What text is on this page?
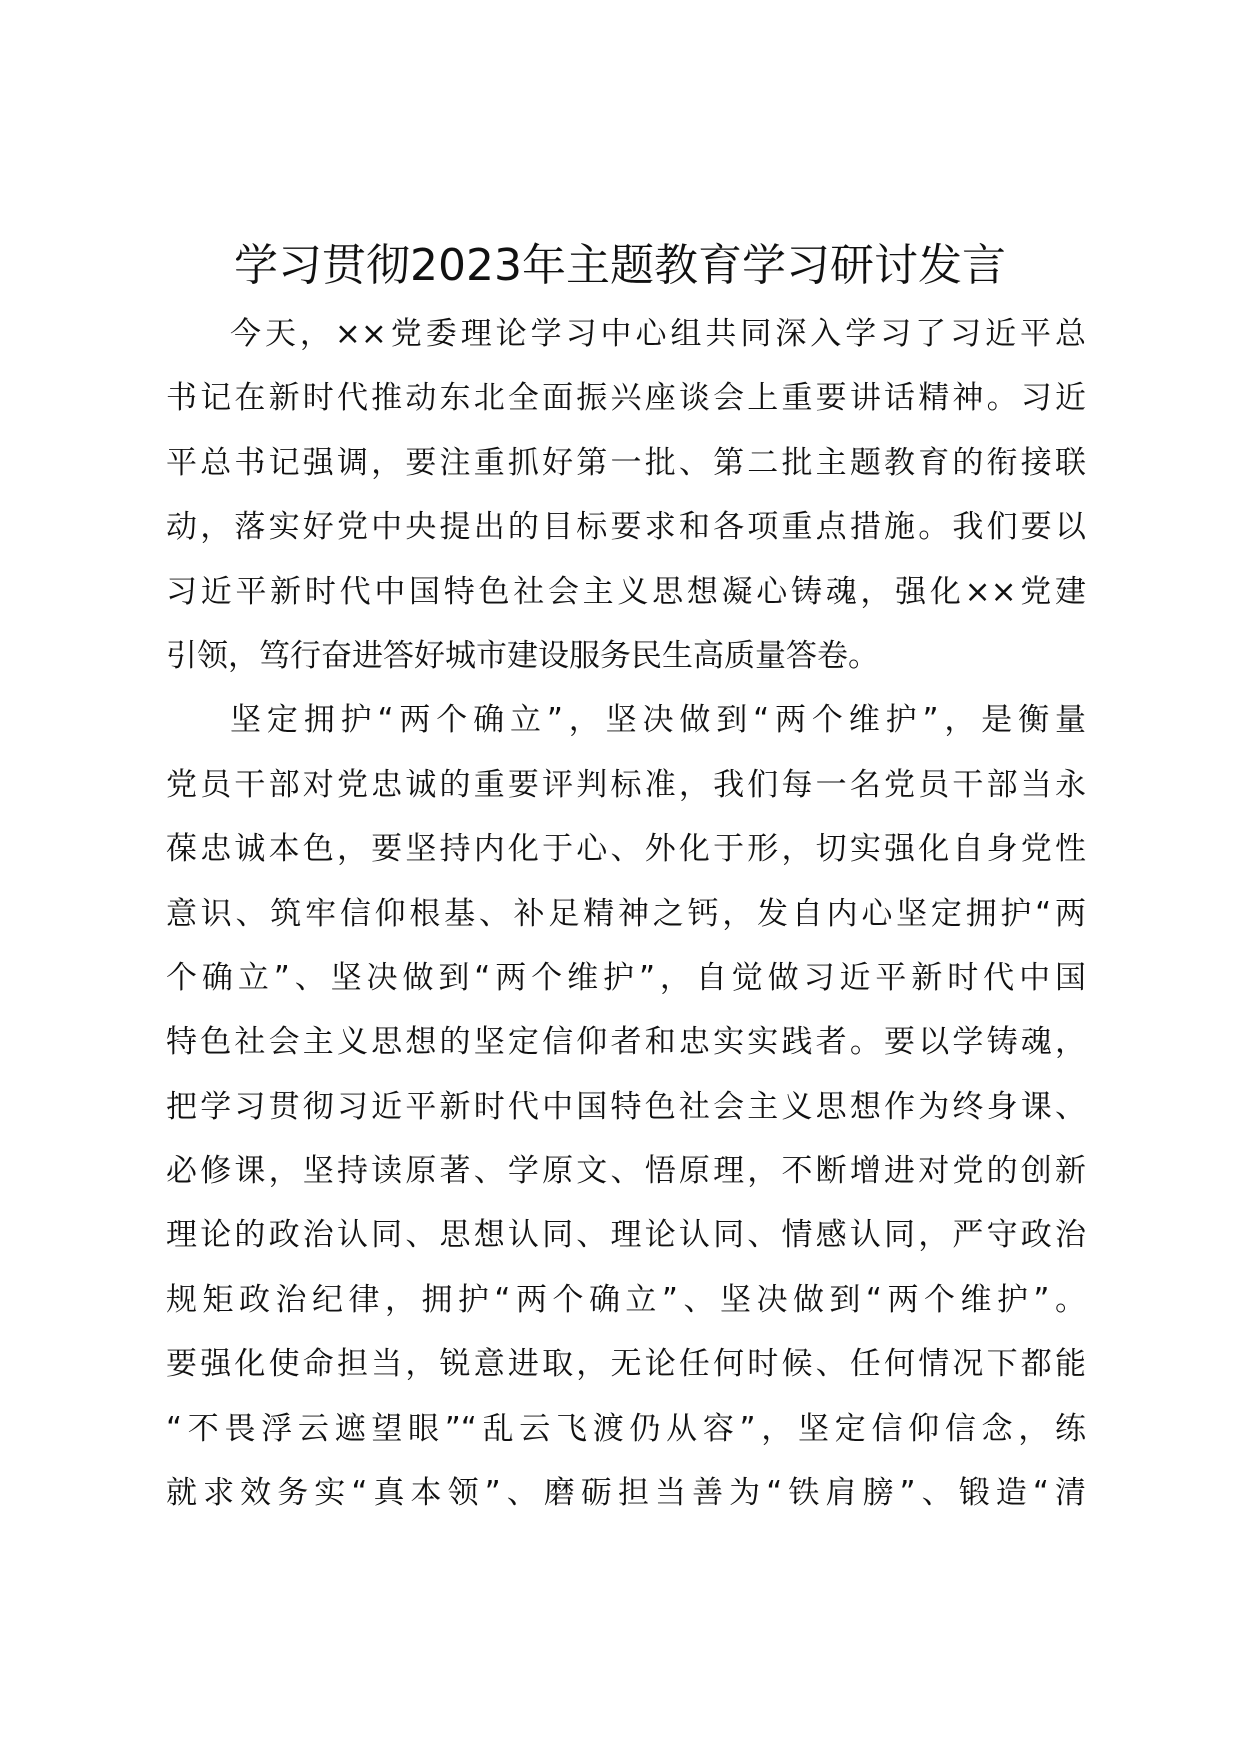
学习贯彻2023年主题教育学习研讨发言
今天，××党委理论学习中心组共同深入学习了习近平总
书记在新时代推动东北全面振兴座谈会上重要讲话精神。习近
平总书记强调，要注重抓好第一批、第二批主题教育的衔接联
动，落实好党中央提出的目标要求和各项重点措施。我们要以
习近平新时代中国特色社会主义思想凝心铸魂，强化××党建
引领，笃行奋进答好城市建设服务民生高质量答卷。
坚定拥护“两个确立”，坚决做到“两个维护”，是衡量
党员干部对党忠诚的重要评判标准，我们每一名党员干部当永
葆忠诚本色，要坚持内化于心、外化于形，切实强化自身党性
意识、筑牢信仰根基、补足精神之钙，发自内心坚定拥护“两
个确立”、坚决做到“两个维护”，自觉做习近平新时代中国
特色社会主义思想的坚定信仰者和忠实实践者。要以学铸魂，
把学习贯彻习近平新时代中国特色社会主义思想作为终身课、
必修课，坚持读原著、学原文、悟原理，不断增进对党的创新
理论的政治认同、思想认同、理论认同、情感认同，严守政治
规矩政治纪律，拥护“两个确立”、坚决做到“两个维护”。
要强化使命担当，锐意进取，无论任何时候、任何情况下都能
“不畏浮云遮望眼”“乱云飞渡仍从容”，坚定信仰信念，练
就求效务实“真本领”、磨砺担当善为“铁肩膀”、锻造“清
